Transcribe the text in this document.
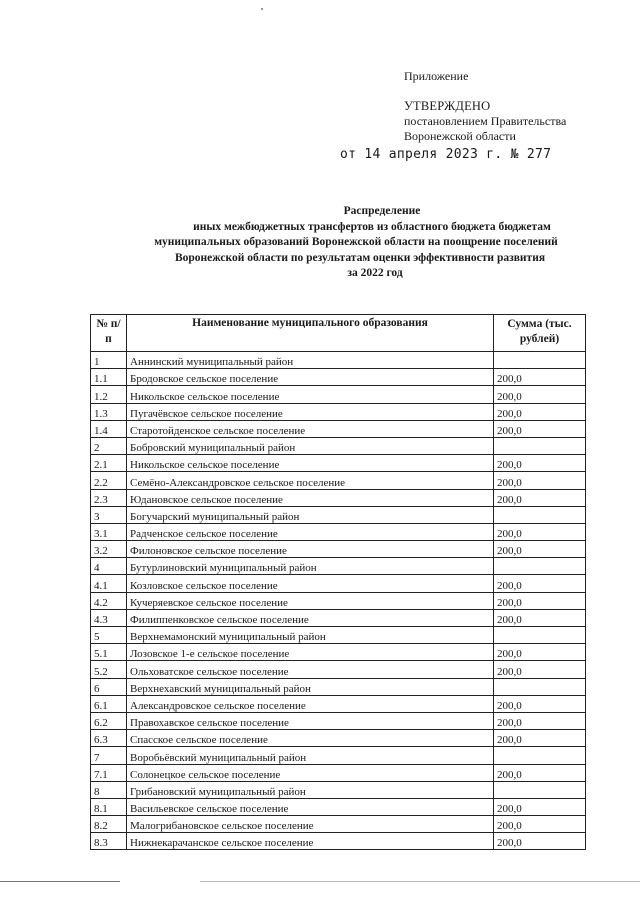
Приложение
УТВЕРЖДЕНО
постановлением Правительства
Воронежской области
от 14 апреля 2023 г. № 277
Распределение
иных межбюджетных трансфертов из областного бюджета бюджетам
муниципальных образований Воронежской области на поощрение поселений
Воронежской области по результатам оценки эффективности развития
за 2022 год
№ п/п	Наименование муниципального образования	Сумма (тыс. рублей)
1	Аннинский муниципальный район	
1.1	Бродовское сельское поселение	200,0
1.2	Никольское сельское поселение	200,0
1.3	Пугачёвское сельское поселение	200,0
1.4	Старотойденское сельское поселение	200,0
2	Бобровский муниципальный район	
2.1	Никольское сельское поселение	200,0
2.2	Семёно-Александровское сельское поселение	200,0
2.3	Юдановское сельское поселение	200,0
3	Богучарский муниципальный район	
3.1	Радченское сельское поселение	200,0
3.2	Филоновское сельское поселение	200,0
4	Бутурлиновский муниципальный район	
4.1	Козловское сельское поселение	200,0
4.2	Кучеряевское сельское поселение	200,0
4.3	Филиппенковское сельское поселение	200,0
5	Верхнемамонский муниципальный район	
5.1	Лозовское 1-е сельское поселение	200,0
5.2	Ольховатское сельское поселение	200,0
6	Верхнехавский муниципальный район	
6.1	Александровское сельское поселение	200,0
6.2	Правохавское сельское поселение	200,0
6.3	Спасское сельское поселение	200,0
7	Воробьёвский муниципальный район	
7.1	Солонецкое сельское поселение	200,0
8	Грибановский муниципальный район	
8.1	Васильевское сельское поселение	200,0
8.2	Малогрибановское сельское поселение	200,0
8.3	Нижнекарачанское сельское поселение	200,0
